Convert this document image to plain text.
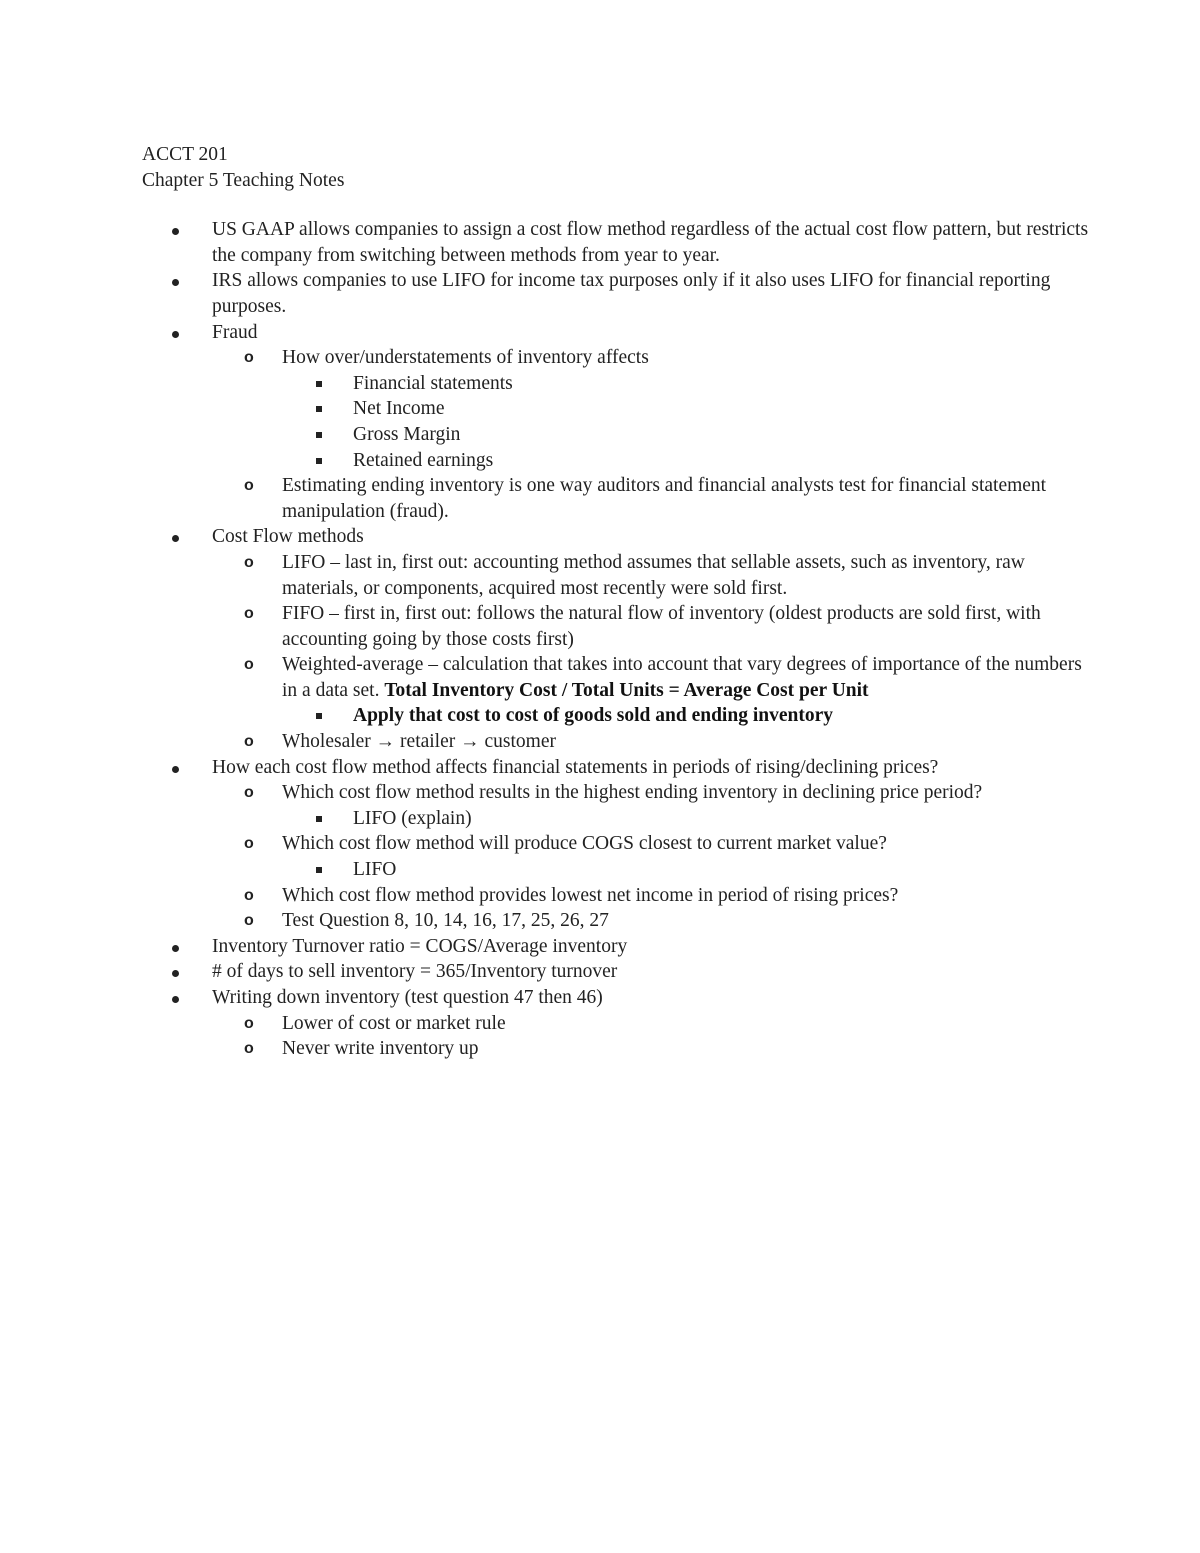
ACCT 201

Chapter 5 Teaching Notes

US GAAP allows companies to assign a cost flow method regardless of the actual cost flow pattern, but restricts the company from switching between methods from year to year.
IRS allows companies to use LIFO for income tax purposes only if it also uses LIFO for financial reporting purposes.
Fraud
o How over/understatements of inventory affects
Financial statements
Net Income
Gross Margin
Retained earnings
o Estimating ending inventory is one way auditors and financial analysts test for financial statement manipulation (fraud).
Cost Flow methods
o LIFO – last in, first out: accounting method assumes that sellable assets, such as inventory, raw materials, or components, acquired most recently were sold first.
o FIFO – first in, first out: follows the natural flow of inventory (oldest products are sold first, with accounting going by those costs first)
o Weighted-average – calculation that takes into account that vary degrees of importance of the numbers in a data set. Total Inventory Cost / Total Units = Average Cost per Unit
Apply that cost to cost of goods sold and ending inventory
o Wholesaler → retailer → customer
How each cost flow method affects financial statements in periods of rising/declining prices?
o Which cost flow method results in the highest ending inventory in declining price period?
LIFO (explain)
o Which cost flow method will produce COGS closest to current market value?
LIFO
o Which cost flow method provides lowest net income in period of rising prices?
o Test Question 8, 10, 14, 16, 17, 25, 26, 27
Inventory Turnover ratio = COGS/Average inventory
# of days to sell inventory = 365/Inventory turnover
Writing down inventory (test question 47 then 46)
o Lower of cost or market rule
o Never write inventory up
